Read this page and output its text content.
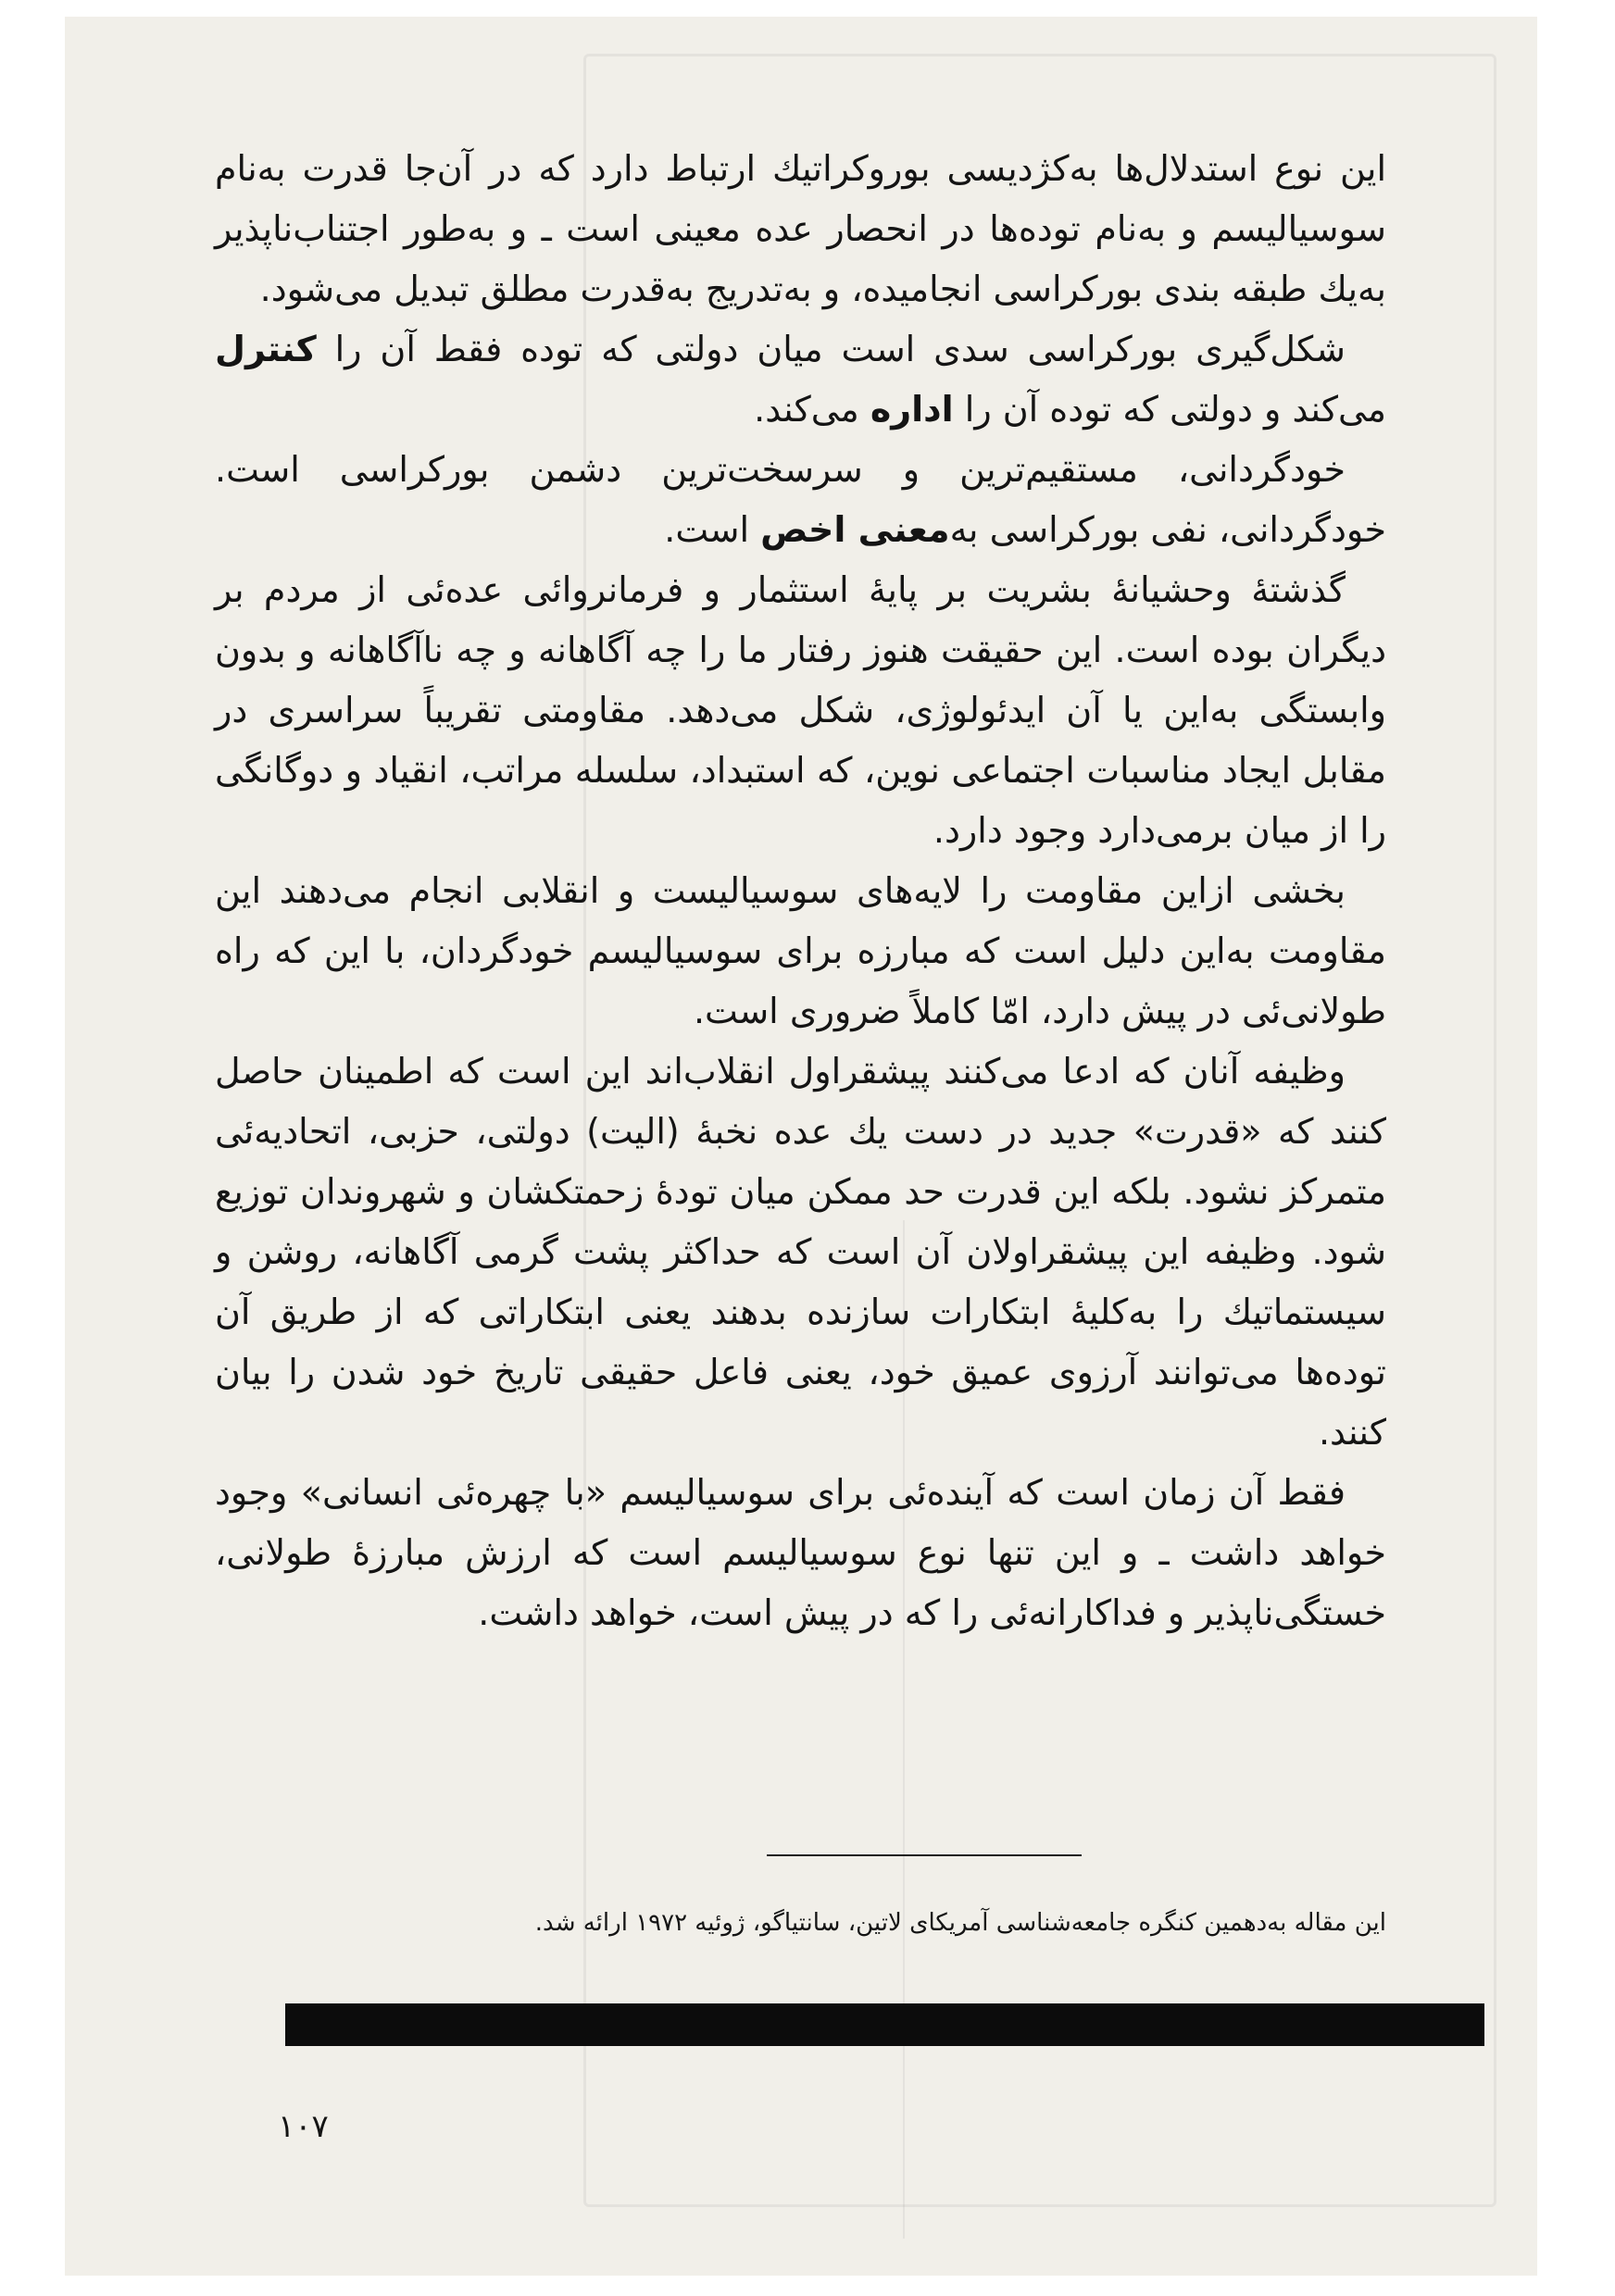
این نوع استدلال‌ها به‌کژدیسی بوروکراتیك ارتباط دارد که در آن‌جا قدرت به‌نام سوسیالیسم و به‌نام توده‌ها در انحصار عده معینی است ـ و به‌طور اجتناب‌ناپذیر به‌یك طبقه بندی بورکراسی انجامیده، و به‌تدریج به‌قدرت مطلق تبدیل می‌شود.

شکل‌گیری بورکراسی سدی است میان دولتی که توده فقط آن را کنترل می‌کند و دولتی که توده آن را اداره می‌کند.

خودگردانی، مستقیم‌ترین و سرسخت‌ترین دشمن بورکراسی است. خودگردانی، نفی بورکراسی به‌معنی اخص است.

گذشتهٔ وحشیانهٔ بشریت بر پایهٔ استثمار و فرمانروائی عده‌ئی از مردم بر دیگران بوده است. این حقیقت هنوز رفتار ما را چه آگاهانه و چه ناآگاهانه و بدون وابستگی به‌این یا آن ایدئولوژی، شکل می‌دهد. مقاومتی تقریباً سراسری در مقابل ایجاد مناسبات اجتماعی نوین، که استبداد، سلسله مراتب، انقیاد و دوگانگی را از میان برمی‌دارد وجود دارد.

بخشی ازاین مقاومت را لایه‌های سوسیالیست و انقلابی انجام می‌دهند این مقاومت به‌این دلیل است که مبارزه برای سوسیالیسم خودگردان، با این که راه طولانی‌ئی در پیش دارد، امّا کاملاً ضروری است.

وظیفه آنان که ادعا می‌کنند پیشقراول انقلاب‌اند این است که اطمینان حاصل کنند که «قدرت» جدید در دست یك عده نخبهٔ (الیت) دولتی، حزبی، اتحادیه‌ئی متمرکز نشود. بلکه این قدرت حد ممکن میان تودهٔ زحمتکشان و شهروندان توزیع شود. وظیفه این پیشقراولان آن است که حداکثر پشت گرمی آگاهانه، روشن و سیستماتیك را به‌کلیهٔ ابتکارات سازنده بدهند یعنی ابتکاراتی که از طریق آن توده‌ها می‌توانند آرزوی عمیق خود، یعنی فاعل حقیقی تاریخ خود شدن را بیان کنند.

فقط آن زمان است که آینده‌ئی برای سوسیالیسم «با چهره‌ئی انسانی» وجود خواهد داشت ـ و این تنها نوع سوسیالیسم است که ارزش مبارزهٔ طولانی، خستگی‌ناپذیر و فداکارانه‌ئی را که در پیش است، خواهد داشت.

این مقاله به‌دهمین کنگره جامعه‌شناسی آمریکای لاتین، سانتیاگو، ژوئیه ۱۹۷۲ ارائه شد.
۱۰۷
